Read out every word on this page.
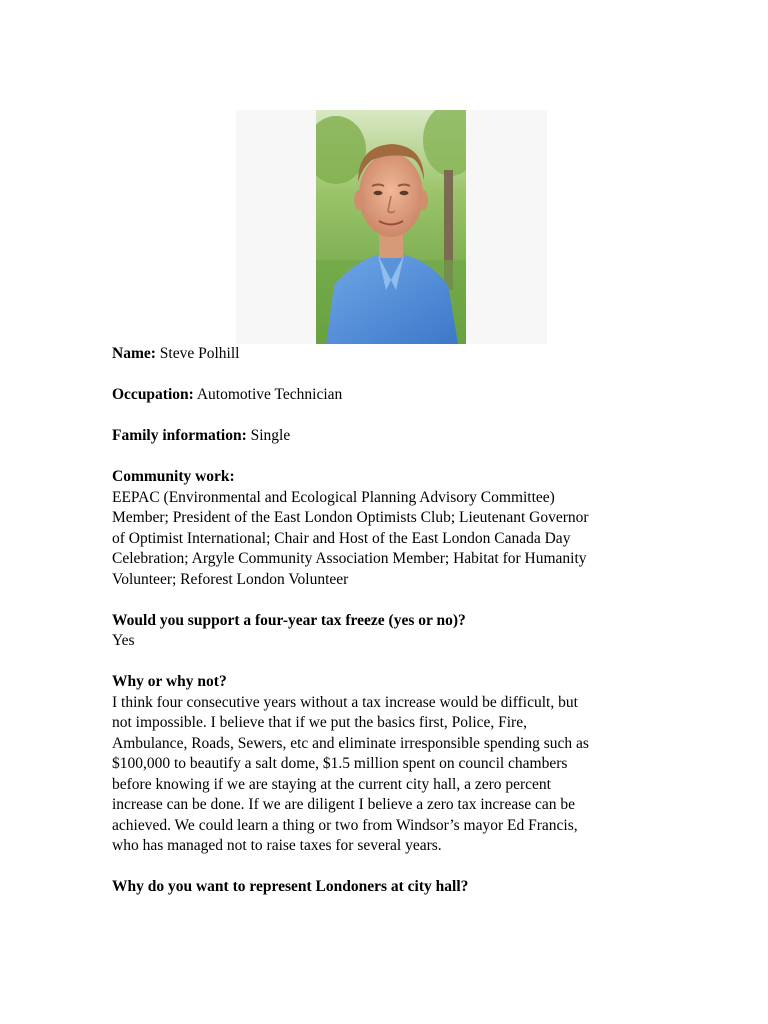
Name: Steve Polhill

Occupation: Automotive Technician

Family information: Single

Community work:
EEPAC (Environmental and Ecological Planning Advisory Committee)
Member; President of the East London Optimists Club; Lieutenant Governor
of Optimist International; Chair and Host of the East London Canada Day
Celebration; Argyle Community Association Member; Habitat for Humanity
Volunteer; Reforest London Volunteer

Would you support a four-year tax freeze (yes or no)?
Yes

Why or why not?
I think four consecutive years without a tax increase would be difficult, but
not impossible. I believe that if we put the basics first, Police, Fire,
Ambulance, Roads, Sewers, etc and eliminate irresponsible spending such as
$100,000 to beautify a salt dome, $1.5 million spent on council chambers
before knowing if we are staying at the current city hall, a zero percent
increase can be done. If we are diligent I believe a zero tax increase can be
achieved. We could learn a thing or two from Windsor’s mayor Ed Francis,
who has managed not to raise taxes for several years.

Why do you want to represent Londoners at city hall?
